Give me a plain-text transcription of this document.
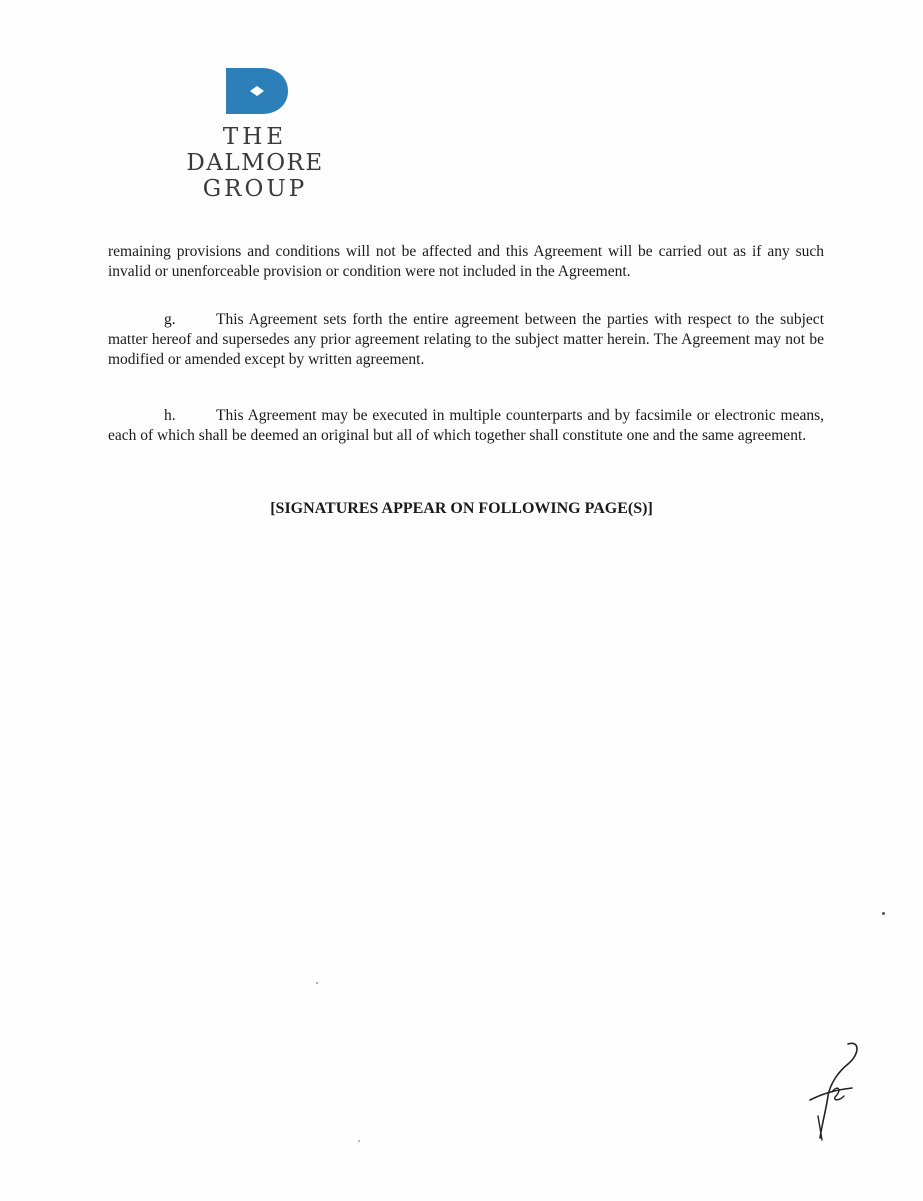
THE
DALMORE
GROUP

remaining provisions and conditions will not be affected and this Agreement will be carried out as if any such invalid or unenforceable provision or condition were not included in the Agreement.

g.	This Agreement sets forth the entire agreement between the parties with respect to the subject matter hereof and supersedes any prior agreement relating to the subject matter herein. The Agreement may not be modified or amended except by written agreement.

h.	This Agreement may be executed in multiple counterparts and by facsimile or electronic means, each of which shall be deemed an original but all of which together shall constitute one and the same agreement.

[SIGNATURES APPEAR ON FOLLOWING PAGE(S)]
